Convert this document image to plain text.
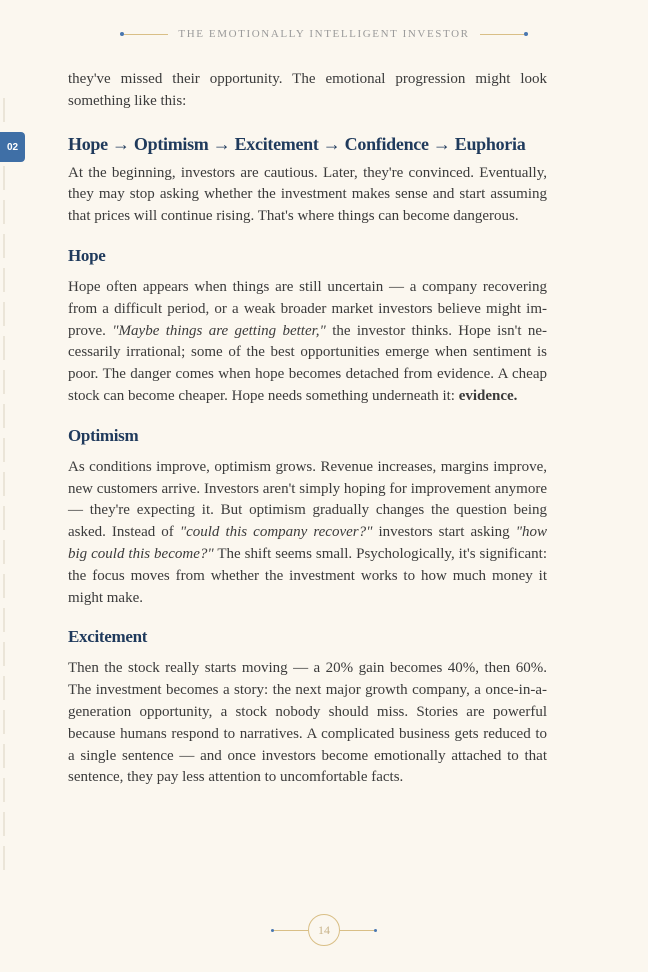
THE EMOTIONALLY INTELLIGENT INVESTOR
02

they've missed their opportunity. The emotional progression might look something like this:

Hope → Optimism → Excitement → Confidence → Euphoria

At the beginning, investors are cautious. Later, they're convinced. Eventually, they may stop asking whether the investment makes sense and start assuming that prices will continue rising. That's where things can become dangerous.

Hope

Hope often appears when things are still uncertain — a company recovering from a difficult period, or a weak broader market investors believe might improve. "Maybe things are getting better," the investor thinks. Hope isn't necessarily irrational; some of the best opportunities emerge when sentiment is poor. The danger comes when hope becomes detached from evidence. A cheap stock can become cheaper. Hope needs something underneath it: evidence.

Optimism

As conditions improve, optimism grows. Revenue increases, margins improve, new customers arrive. Investors aren't simply hoping for improvement anymore — they're expecting it. But optimism gradually changes the question being asked. Instead of "could this company recover?" investors start asking "how big could this become?" The shift seems small. Psychologically, it's significant: the focus moves from whether the investment works to how much money it might make.

Excitement

Then the stock really starts moving — a 20% gain becomes 40%, then 60%. The investment becomes a story: the next major growth company, a once-in-a-generation opportunity, a stock nobody should miss. Stories are powerful because humans respond to narratives. A complicated business gets reduced to a single sentence — and once investors become emotionally attached to that sentence, they pay less attention to uncomfortable facts.

14
